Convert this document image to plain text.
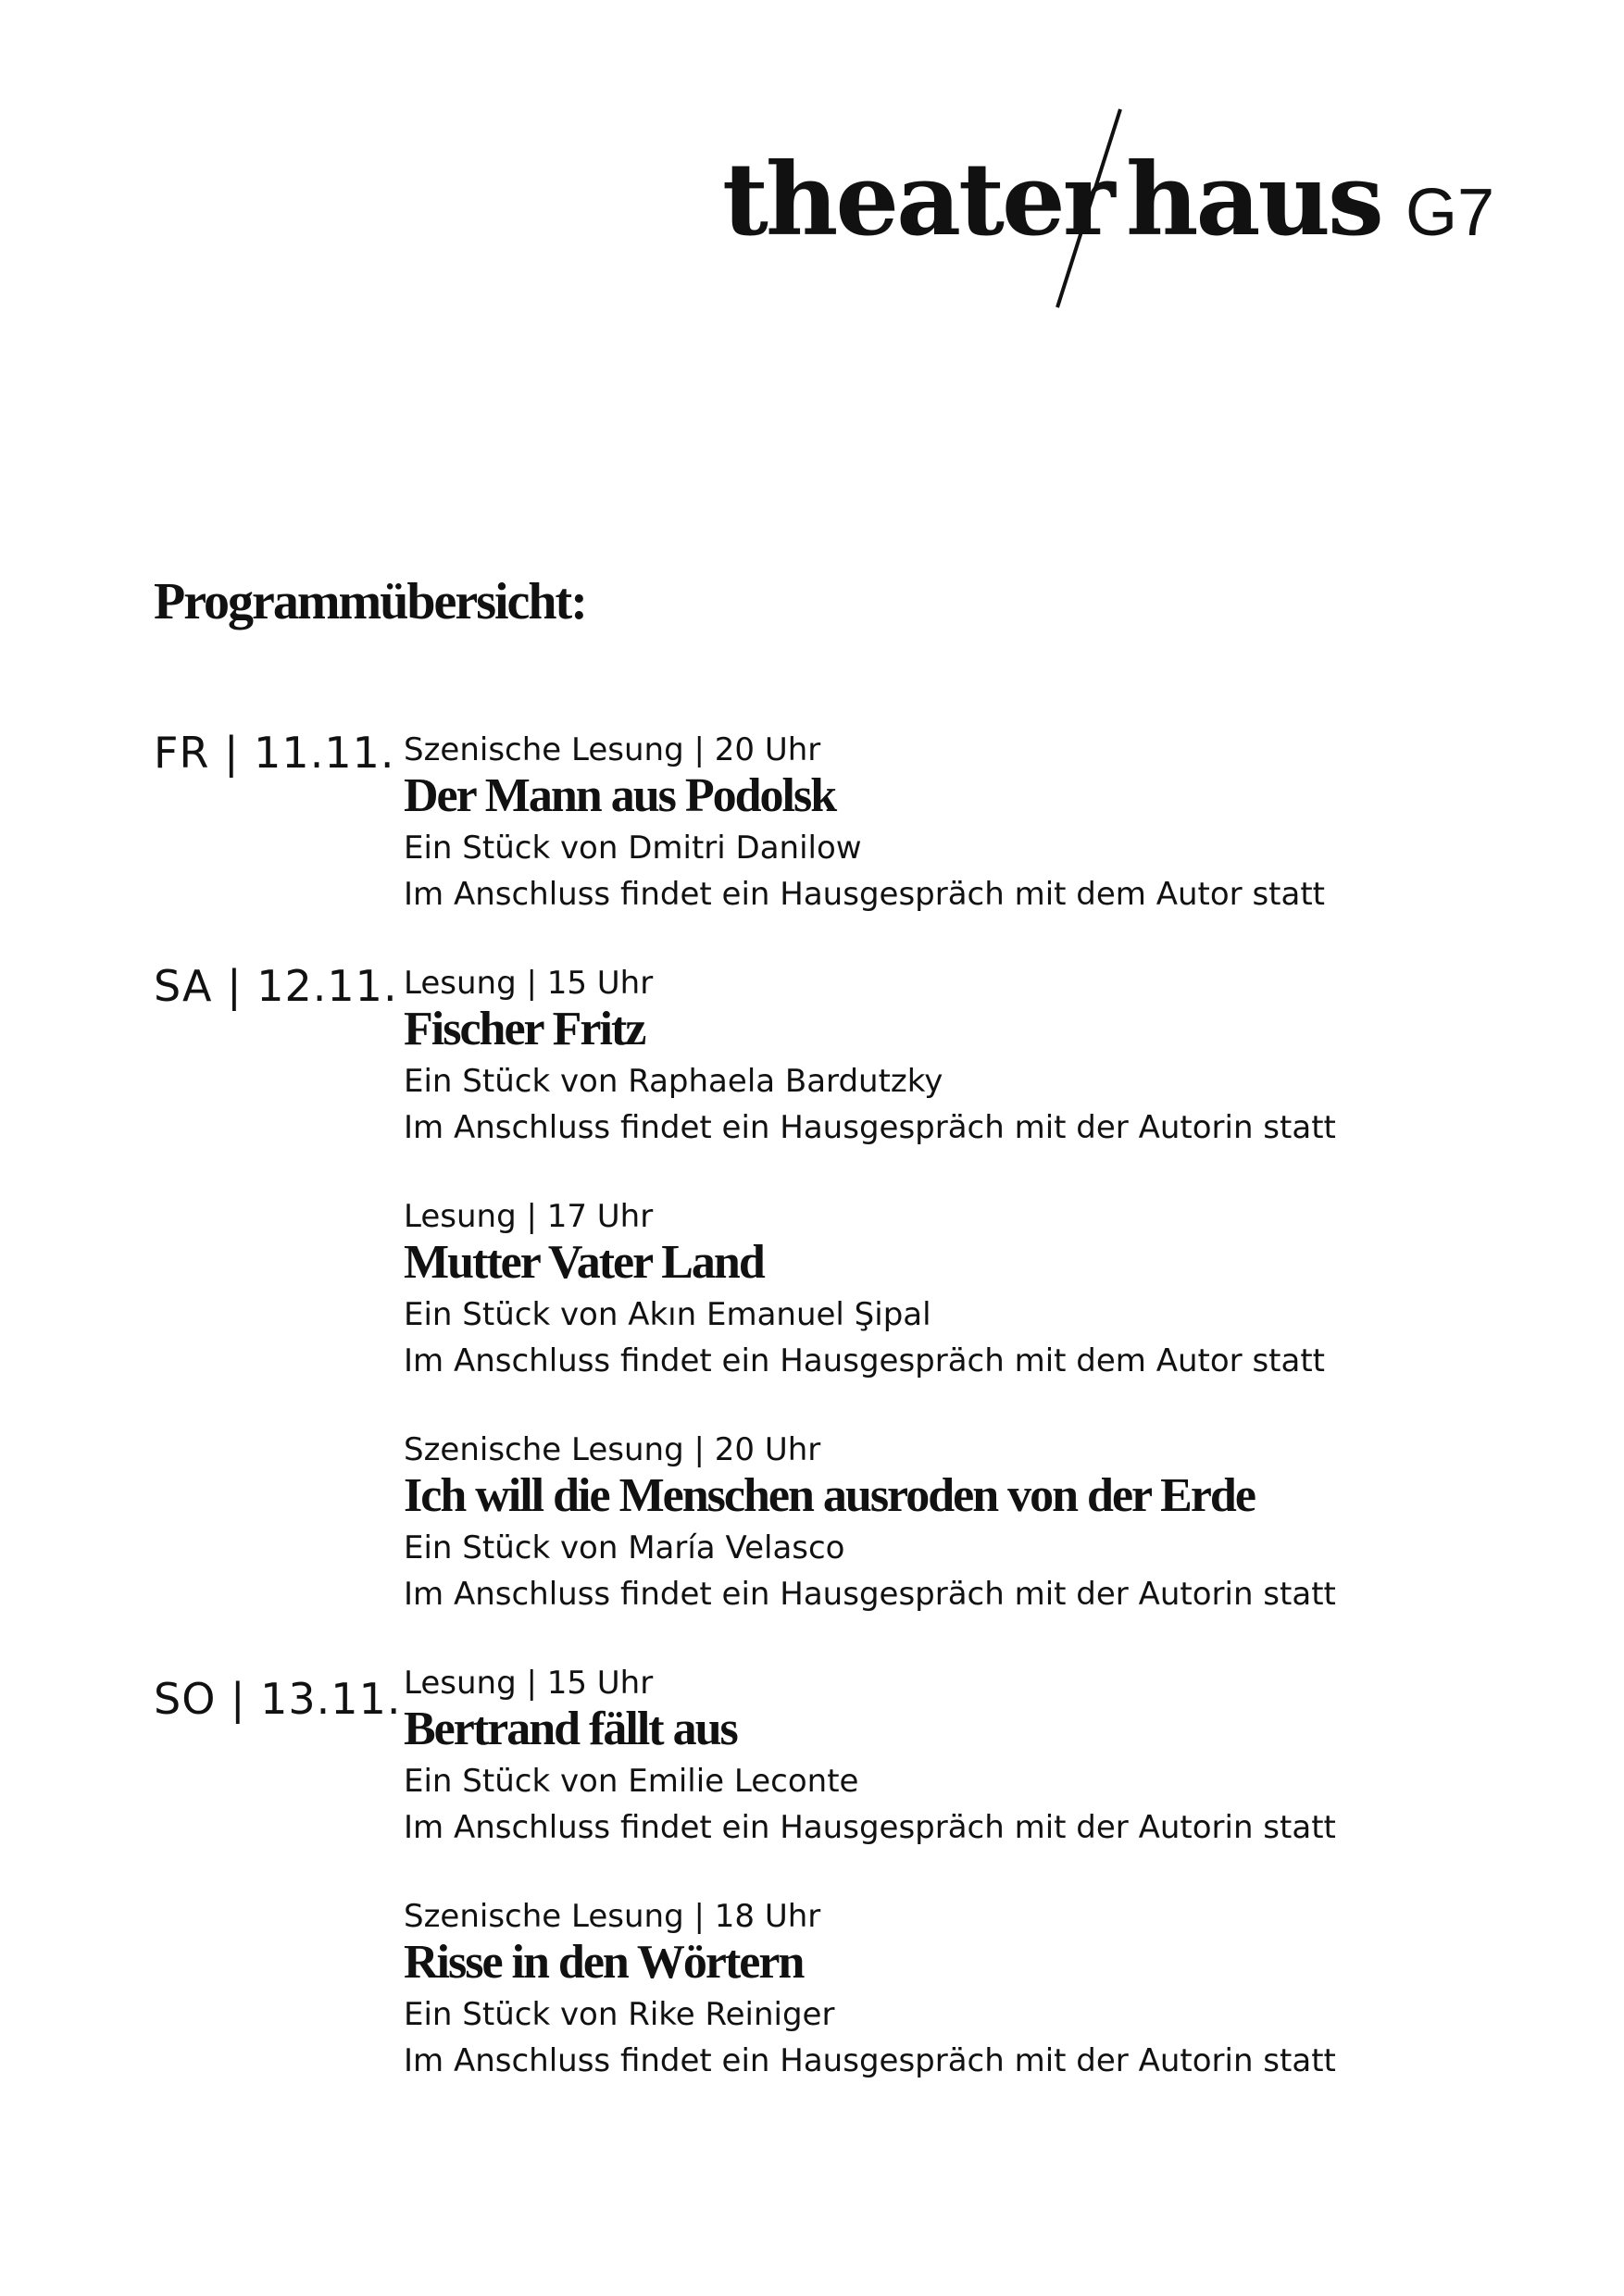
theater haus G7
Programmübersicht:
FR | 11.11.
SA | 12.11.
SO | 13.11.
Szenische Lesung | 20 Uhr
Der Mann aus Podolsk
Ein Stück von Dmitri Danilow
Im Anschluss findet ein Hausgespräch mit dem Autor statt
Lesung | 15 Uhr
Fischer Fritz
Ein Stück von Raphaela Bardutzky
Im Anschluss findet ein Hausgespräch mit der Autorin statt
Lesung | 17 Uhr
Mutter Vater Land
Ein Stück von Akın Emanuel Şipal
Im Anschluss findet ein Hausgespräch mit dem Autor statt
Szenische Lesung | 20 Uhr
Ich will die Menschen ausroden von der Erde
Ein Stück von María Velasco
Im Anschluss findet ein Hausgespräch mit der Autorin statt
Lesung | 15 Uhr
Bertrand fällt aus
Ein Stück von Emilie Leconte
Im Anschluss findet ein Hausgespräch mit der Autorin statt
Szenische Lesung | 18 Uhr
Risse in den Wörtern
Ein Stück von Rike Reiniger
Im Anschluss findet ein Hausgespräch mit der Autorin statt
